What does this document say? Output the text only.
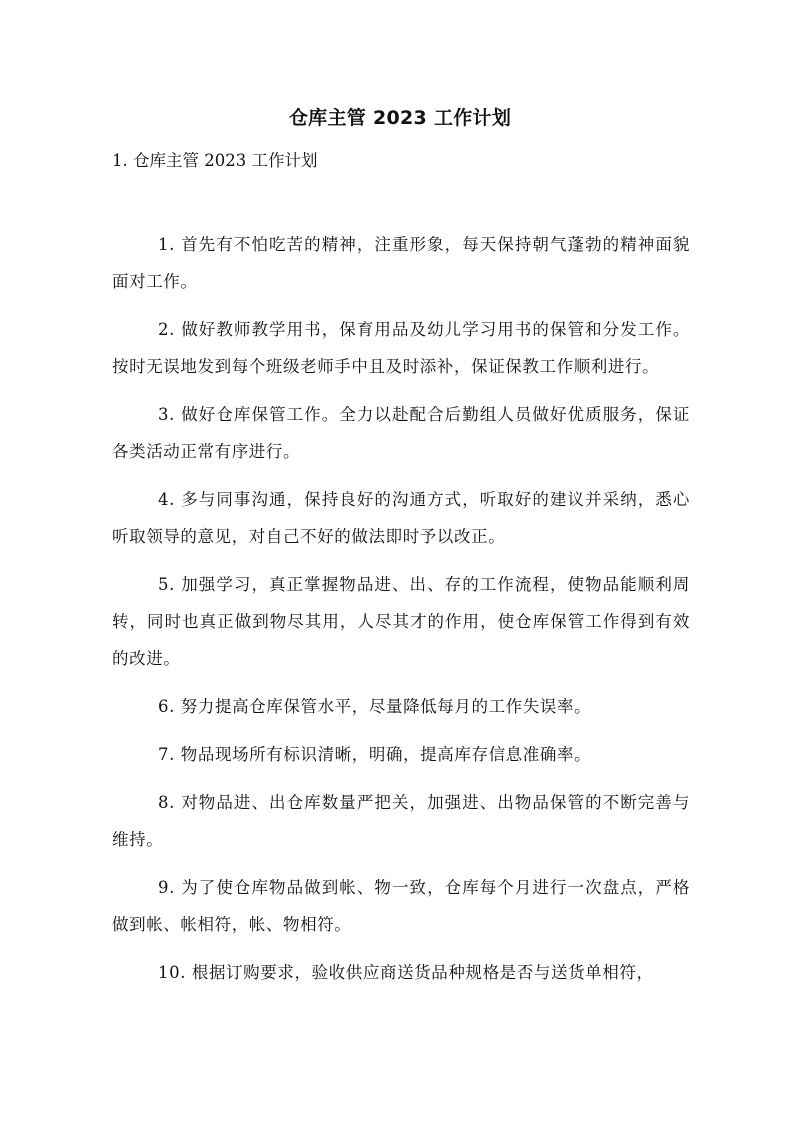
仓库主管 2023 工作计划
1. 仓库主管 2023 工作计划

1. 首先有不怕吃苦的精神，注重形象，每天保持朝气蓬勃的精神面貌面对工作。

2. 做好教师教学用书，保育用品及幼儿学习用书的保管和分发工作。按时无误地发到每个班级老师手中且及时添补，保证保教工作顺利进行。

3. 做好仓库保管工作。全力以赴配合后勤组人员做好优质服务，保证各类活动正常有序进行。

4. 多与同事沟通，保持良好的沟通方式，听取好的建议并采纳，悉心听取领导的意见，对自己不好的做法即时予以改正。

5. 加强学习，真正掌握物品进、出、存的工作流程，使物品能顺利周转，同时也真正做到物尽其用，人尽其才的作用，使仓库保管工作得到有效的改进。

6. 努力提高仓库保管水平，尽量降低每月的工作失误率。

7. 物品现场所有标识清晰，明确，提高库存信息准确率。

8. 对物品进、出仓库数量严把关，加强进、出物品保管的不断完善与维持。

9. 为了使仓库物品做到帐、物一致，仓库每个月进行一次盘点，严格做到帐、帐相符，帐、物相符。

10. 根据订购要求，验收供应商送货品种规格是否与送货单相符，
